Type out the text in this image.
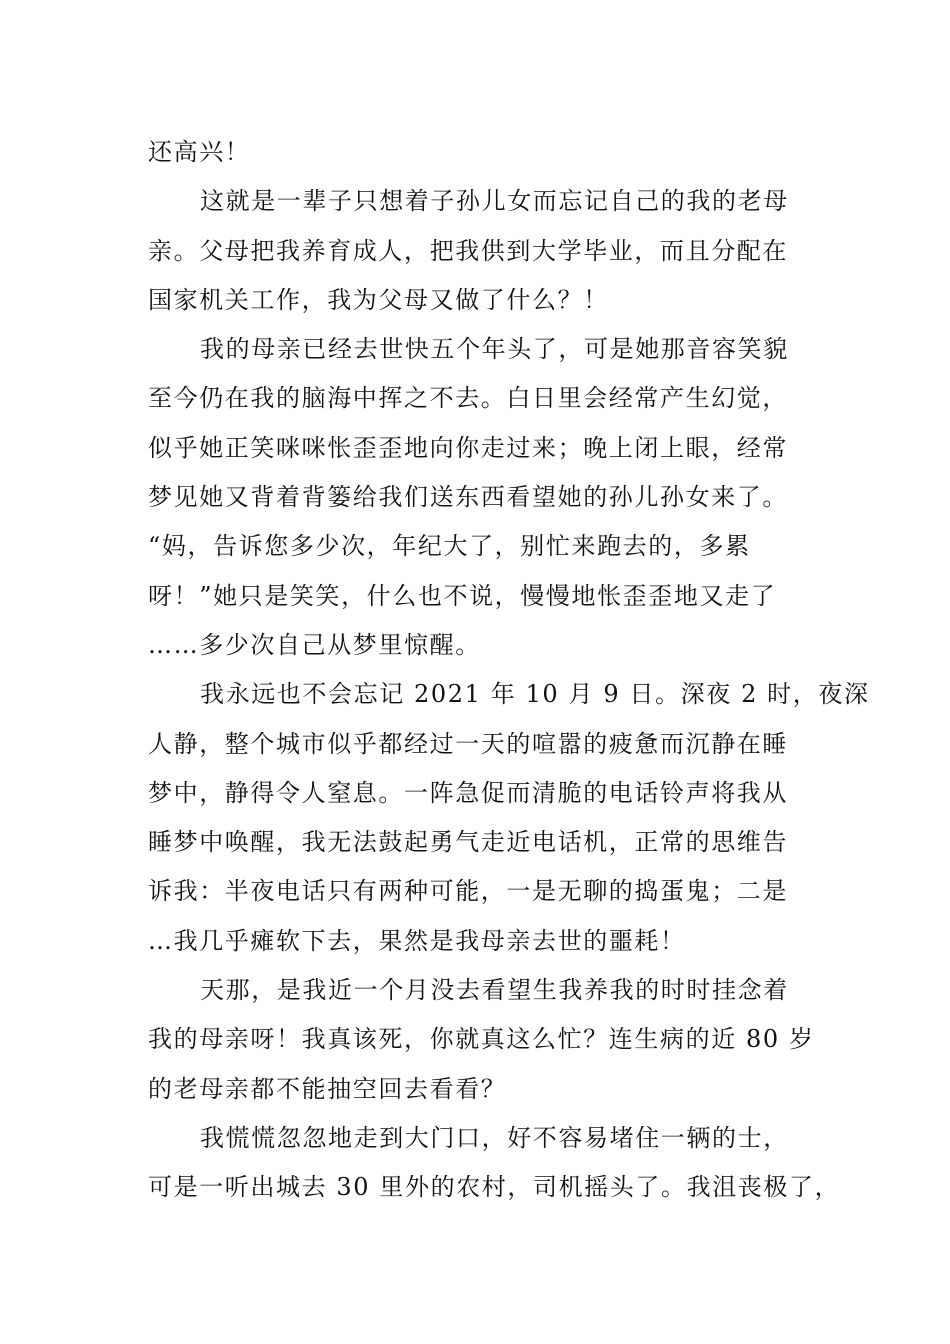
还高兴！
这就是一辈子只想着子孙儿女而忘记自己的我的老母
亲。父母把我养育成人，把我供到大学毕业，而且分配在
国家机关工作，我为父母又做了什么？！
我的母亲已经去世快五个年头了，可是她那音容笑貌
至今仍在我的脑海中挥之不去。白日里会经常产生幻觉，
似乎她正笑咪咪怅歪歪地向你走过来；晚上闭上眼，经常
梦见她又背着背篓给我们送东西看望她的孙儿孙女来了。
“妈，告诉您多少次，年纪大了，别忙来跑去的，多累
呀！”她只是笑笑，什么也不说，慢慢地怅歪歪地又走了
……多少次自己从梦里惊醒。
我永远也不会忘记 2021 年 10 月 9 日。深夜 2 时，夜深
人静，整个城市似乎都经过一天的喧嚣的疲惫而沉静在睡
梦中，静得令人窒息。一阵急促而清脆的电话铃声将我从
睡梦中唤醒，我无法鼓起勇气走近电话机，正常的思维告
诉我：半夜电话只有两种可能，一是无聊的捣蛋鬼；二是
…我几乎瘫软下去，果然是我母亲去世的噩耗！
天那，是我近一个月没去看望生我养我的时时挂念着
我的母亲呀！我真该死，你就真这么忙？连生病的近 80 岁
的老母亲都不能抽空回去看看？
我慌慌忽忽地走到大门口，好不容易堵住一辆的士，
可是一听出城去 30 里外的农村，司机摇头了。我沮丧极了，
